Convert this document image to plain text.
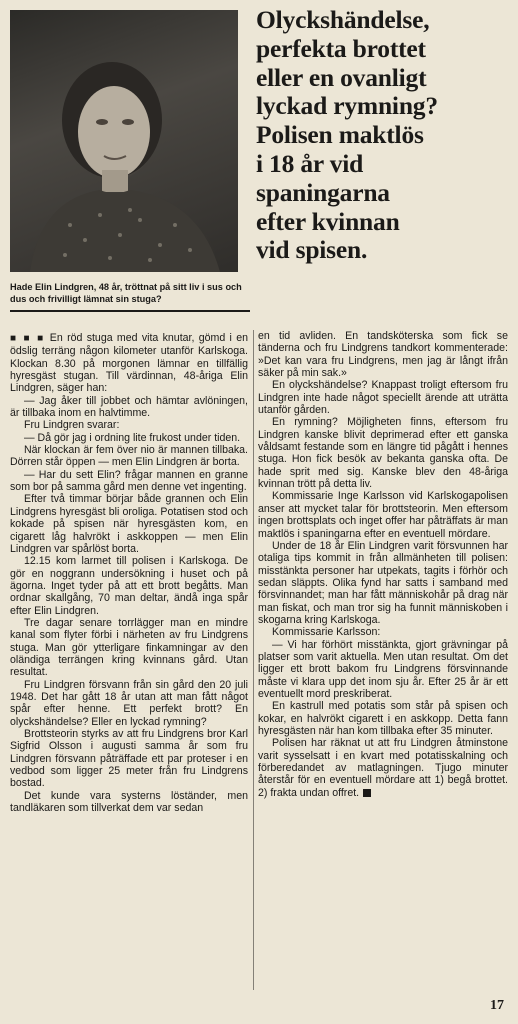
Hade Elin Lindgren, 48 år, tröttnat på sitt liv i sus och dus och frivilligt lämnat sin stuga?
Olyckshändelse,
perfekta brottet
eller en ovanligt
lyckad rymning?
Polisen maktlös
i 18 år vid
spaningarna
efter kvinnan
vid spisen.

■ ■ ■ En röd stuga med vita knutar, gömd i en ödslig terräng någon kilometer utanför Karlskoga. Klockan 8.30 på morgonen lämnar en tillfällig hyresgäst stugan. Till värdinnan, 48-åriga Elin Lindgren, säger han:

— Jag åker till jobbet och hämtar avlöningen, är tillbaka inom en halvtimme.

Fru Lindgren svarar:

— Då gör jag i ordning lite frukost under tiden.

När klockan är fem över nio är mannen tillbaka. Dörren står öppen — men Elin Lindgren är borta.

— Har du sett Elin? frågar mannen en granne som bor på samma gård men denne vet ingenting.

Efter två timmar börjar både grannen och Elin Lindgrens hyresgäst bli oroliga. Potatisen stod och kokade på spisen när hyresgästen kom, en cigarett låg halvrökt i askkoppen — men Elin Lindgren var spårlöst borta.

12.15 kom larmet till polisen i Karlskoga. De gör en noggrann undersökning i huset och på ägorna. Inget tyder på att ett brott begåtts. Man ordnar skallgång, 70 man deltar, ändå inga spår efter Elin Lindgren.

Tre dagar senare torrlägger man en mindre kanal som flyter förbi i närheten av fru Lindgrens stuga. Man gör ytterligare finkamningar av den oländiga terrängen kring kvinnans gård. Utan resultat.

Fru Lindgren försvann från sin gård den 20 juli 1948. Det har gått 18 år utan att man fått något spår efter henne. Ett perfekt brott? En olyckshändelse? Eller en lyckad rymning?

Brottsteorin styrks av att fru Lindgrens bror Karl Sigfrid Olsson i augusti samma år som fru Lindgren försvann påträffade ett par proteser i en vedbod som ligger 25 meter från fru Lindgrens bostad.

Det kunde vara systerns löständer, men tandläkaren som tillverkat dem var sedan

en tid avliden. En tandsköterska som fick se tänderna och fru Lindgrens tandkort kommenterade: »Det kan vara fru Lindgrens, men jag är långt ifrån säker på min sak.»

En olyckshändelse? Knappast troligt eftersom fru Lindgren inte hade något speciellt ärende att uträtta utanför gården.

En rymning? Möjligheten finns, eftersom fru Lindgren kanske blivit deprimerad efter ett ganska våldsamt festande som en längre tid pågått i hennes stuga. Hon fick besök av bekanta ganska ofta. De hade sprit med sig. Kanske blev den 48-åriga kvinnan trött på detta liv.

Kommissarie Inge Karlsson vid Karlskogapolisen anser att mycket talar för brottsteorin. Men eftersom ingen brottsplats och inget offer har påträffats är man maktlös i spaningarna efter en eventuell mördare.

Under de 18 år Elin Lindgren varit försvunnen har otaliga tips kommit in från allmänheten till polisen: misstänkta personer har utpekats, tagits i förhör och sedan släppts. Olika fynd har satts i samband med försvinnandet; man har fått människohår på drag när man fiskat, och man tror sig ha funnit människoben i skogarna kring Karlskoga.

Kommissarie Karlsson:

— Vi har förhört misstänkta, gjort grävningar på platser som varit aktuella. Men utan resultat. Om det ligger ett brott bakom fru Lindgrens försvinnande måste vi klara upp det inom sju år. Efter 25 år är ett eventuellt mord preskriberat.

En kastrull med potatis som står på spisen och kokar, en halvrökt cigarett i en askkopp. Detta fann hyresgästen när han kom tillbaka efter 35 minuter.

Polisen har räknat ut att fru Lindgren åtminstone varit sysselsatt i en kvart med potatisskalning och förberedandet av matlagningen. Tjugo minuter återstår för en eventuell mördare att 1) begå brottet. 2) frakta undan offret.

17
